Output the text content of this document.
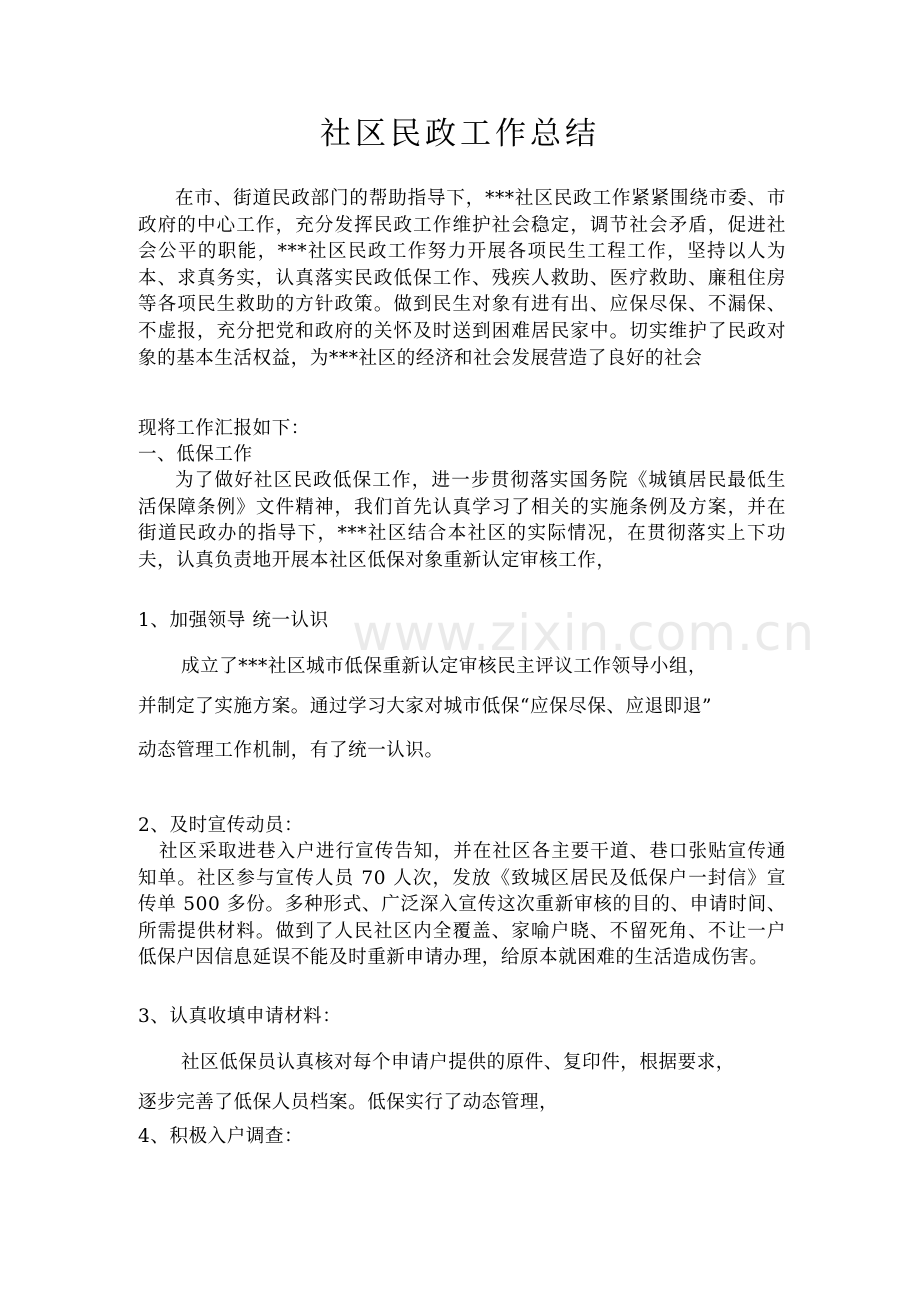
社区民政工作总结
在市、街道民政部门的帮助指导下，***社区民政工作紧紧围绕市委、市政府的中心工作，充分发挥民政工作维护社会稳定，调节社会矛盾，促进社会公平的职能，***社区民政工作努力开展各项民生工程工作，坚持以人为本、求真务实，认真落实民政低保工作、残疾人救助、医疗救助、廉租住房等各项民生救助的方针政策。做到民生对象有进有出、应保尽保、不漏保、不虚报，充分把党和政府的关怀及时送到困难居民家中。切实维护了民政对象的基本生活权益，为***社区的经济和社会发展营造了良好的社会
现将工作汇报如下：
一、低保工作
为了做好社区民政低保工作，进一步贯彻落实国务院《城镇居民最低生活保障条例》文件精神，我们首先认真学习了相关的实施条例及方案，并在街道民政办的指导下，***社区结合本社区的实际情况，在贯彻落实上下功夫，认真负责地开展本社区低保对象重新认定审核工作，
1、加强领导 统一认识
成立了***社区城市低保重新认定审核民主评议工作领导小组，
并制定了实施方案。通过学习大家对城市低保“应保尽保、应退即退”
动态管理工作机制，有了统一认识。
2、及时宣传动员：
社区采取进巷入户进行宣传告知，并在社区各主要干道、巷口张贴宣传通知单。社区参与宣传人员 70 人次，发放《致城区居民及低保户一封信》宣传单 500 多份。多种形式、广泛深入宣传这次重新审核的目的、申请时间、所需提供材料。做到了人民社区内全覆盖、家喻户晓、不留死角、不让一户低保户因信息延误不能及时重新申请办理，给原本就困难的生活造成伤害。
3、认真收填申请材料：
社区低保员认真核对每个申请户提供的原件、复印件，根据要求，
逐步完善了低保人员档案。低保实行了动态管理，
4、积极入户调查：
www.zixin.com.cn
